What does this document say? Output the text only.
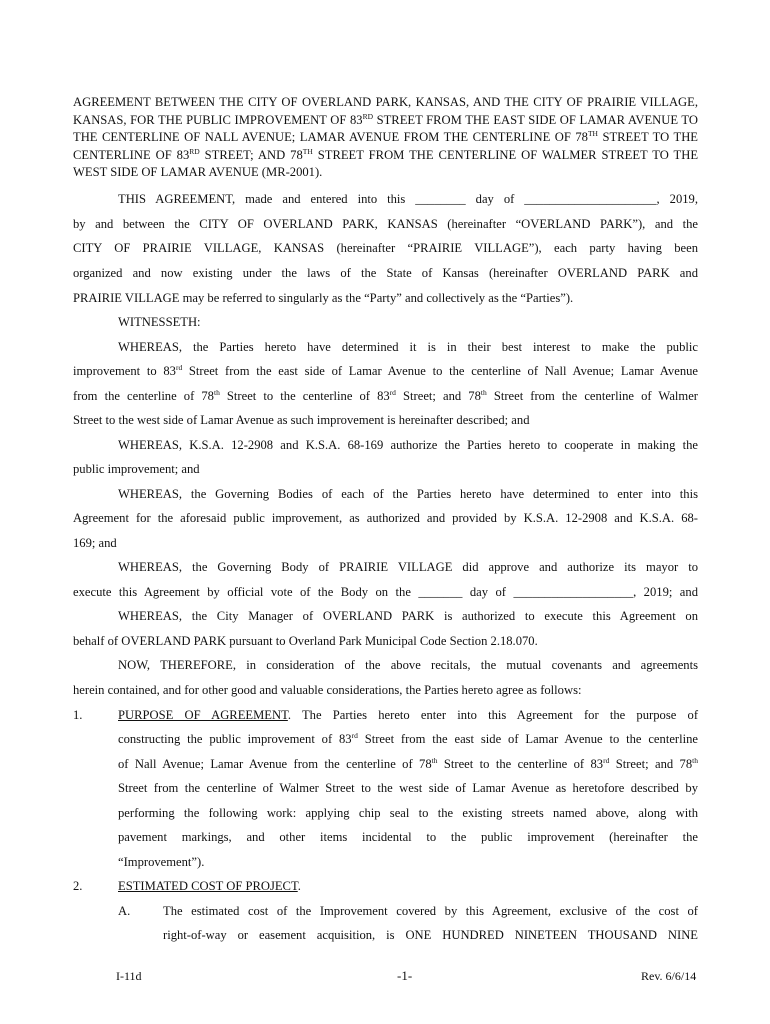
AGREEMENT BETWEEN THE CITY OF OVERLAND PARK, KANSAS, AND THE CITY OF PRAIRIE VILLAGE, KANSAS, FOR THE PUBLIC IMPROVEMENT OF 83RD STREET FROM THE EAST SIDE OF LAMAR AVENUE TO THE CENTERLINE OF NALL AVENUE; LAMAR AVENUE FROM THE CENTERLINE OF 78TH STREET TO THE CENTERLINE OF 83RD STREET; AND 78TH STREET FROM THE CENTERLINE OF WALMER STREET TO THE WEST SIDE OF LAMAR AVENUE (MR-2001).
THIS AGREEMENT, made and entered into this ________ day of _____________________, 2019,
by and between the CITY OF OVERLAND PARK, KANSAS (hereinafter “OVERLAND PARK”), and the
CITY OF PRAIRIE VILLAGE, KANSAS (hereinafter “PRAIRIE VILLAGE”), each party having been
organized and now existing under the laws of the State of Kansas (hereinafter OVERLAND PARK and
PRAIRIE VILLAGE may be referred to singularly as the “Party” and collectively as the “Parties”).
WITNESSETH:
WHEREAS, the Parties hereto have determined it is in their best interest to make the public
improvement to 83rd Street from the east side of Lamar Avenue to the centerline of Nall Avenue; Lamar Avenue
from the centerline of 78th Street to the centerline of 83rd Street; and 78th Street from the centerline of Walmer
Street to the west side of Lamar Avenue as such improvement is hereinafter described; and
WHEREAS, K.S.A. 12-2908 and K.S.A. 68-169 authorize the Parties hereto to cooperate in making the
public improvement; and
WHEREAS, the Governing Bodies of each of the Parties hereto have determined to enter into this
Agreement for the aforesaid public improvement, as authorized and provided by K.S.A. 12-2908 and K.S.A. 68-
169; and
WHEREAS, the Governing Body of PRAIRIE VILLAGE did approve and authorize its mayor to
execute this Agreement by official vote of the Body on the _______ day of ___________________, 2019; and
WHEREAS, the City Manager of OVERLAND PARK is authorized to execute this Agreement on
behalf of OVERLAND PARK pursuant to Overland Park Municipal Code Section 2.18.070.
NOW, THEREFORE, in consideration of the above recitals, the mutual covenants and agreements
herein contained, and for other good and valuable considerations, the Parties hereto agree as follows:
1.	PURPOSE OF AGREEMENT. The Parties hereto enter into this Agreement for the purpose of
constructing the public improvement of 83rd Street from the east side of Lamar Avenue to the centerline
of Nall Avenue; Lamar Avenue from the centerline of 78th Street to the centerline of 83rd Street; and 78th
Street from the centerline of Walmer Street to the west side of Lamar Avenue as heretofore described by
performing the following work: applying chip seal to the existing streets named above, along with
pavement markings, and other items incidental to the public improvement (hereinafter the
“Improvement”).
2.	ESTIMATED COST OF PROJECT.
A.	The estimated cost of the Improvement covered by this Agreement, exclusive of the cost of
right-of-way or easement acquisition, is ONE HUNDRED NINETEEN THOUSAND NINE
I-11d	-1-	Rev. 6/6/14
